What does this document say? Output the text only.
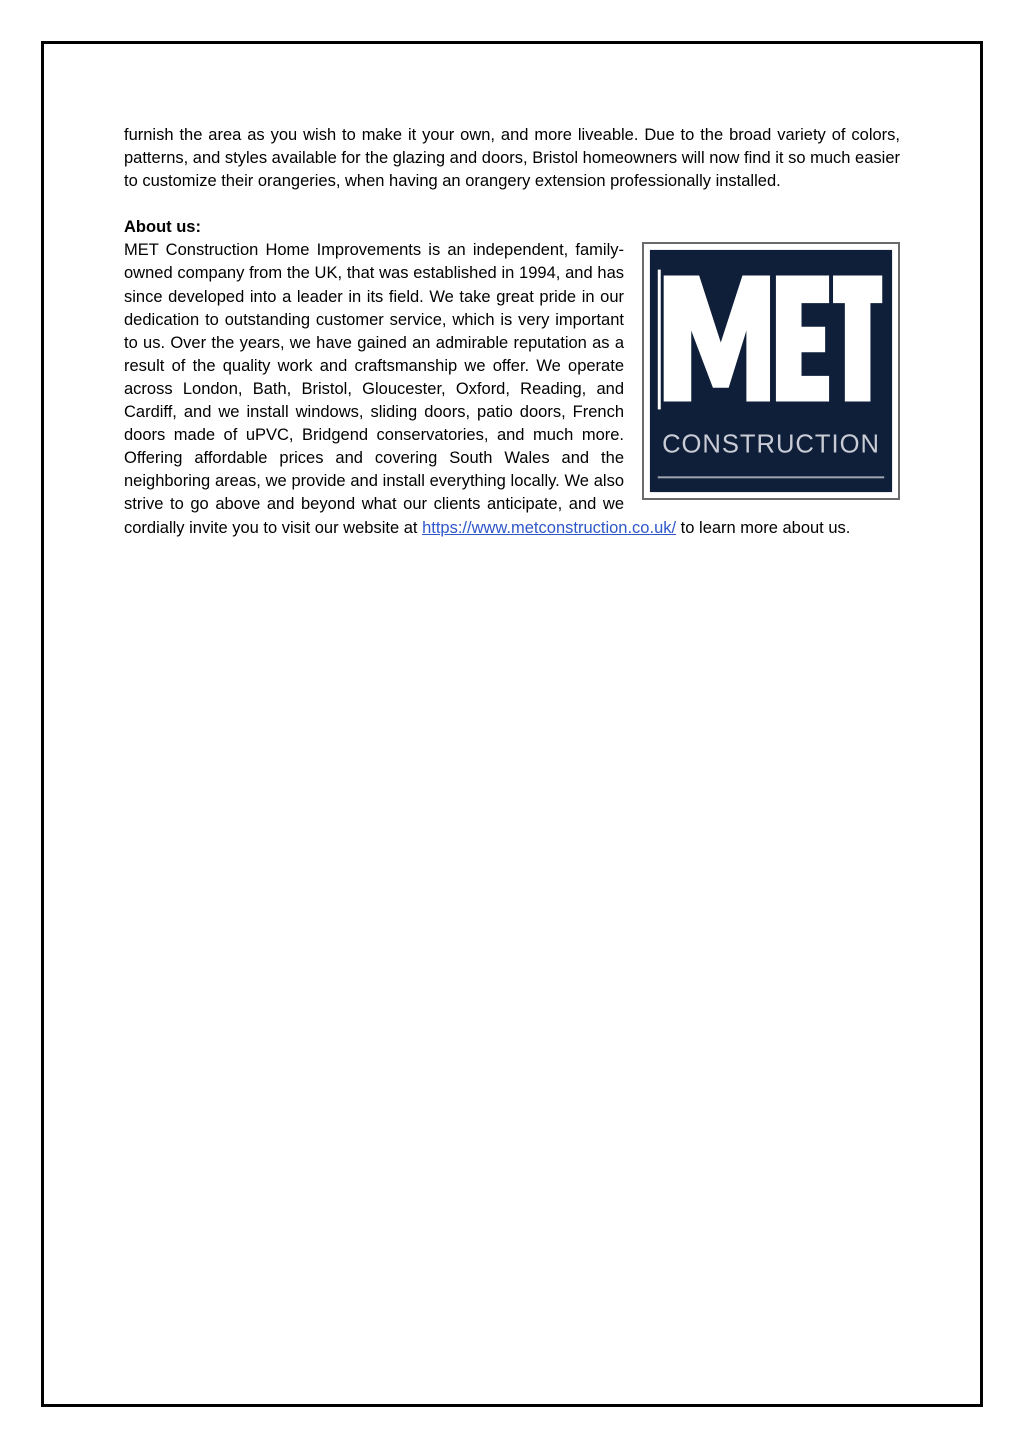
furnish the area as you wish to make it your own, and more liveable. Due to the broad variety of colors, patterns, and styles available for the glazing and doors, Bristol homeowners will now find it so much easier to customize their orangeries, when having an orangery extension professionally installed.

About us:

CONSTRUCTION

MET Construction Home Improvements is an independent, family-owned company from the UK, that was established in 1994, and has since developed into a leader in its field. We take great pride in our dedication to outstanding customer service, which is very important to us. Over the years, we have gained an admirable reputation as a result of the quality work and craftsmanship we offer. We operate across London, Bath, Bristol, Gloucester, Oxford, Reading, and Cardiff, and we install windows, sliding doors, patio doors, French doors made of uPVC, Bridgend conservatories, and much more. Offering affordable prices and covering South Wales and the neighboring areas, we provide and install everything locally. We also strive to go above and beyond what our clients anticipate, and we cordially invite you to visit our website at https://www.metconstruction.co.uk/ to learn more about us.
